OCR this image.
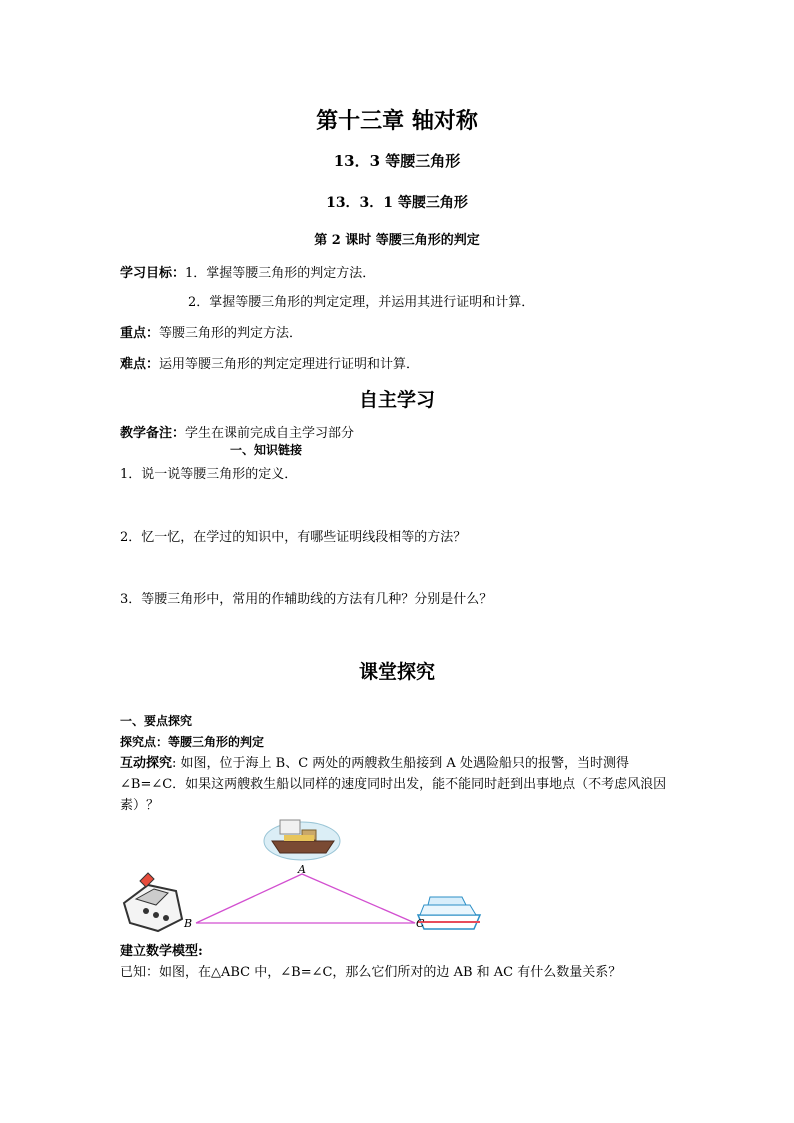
第十三章 轴对称
13．3 等腰三角形
13．3．1 等腰三角形
第 2 课时 等腰三角形的判定
学习目标：1．掌握等腰三角形的判定方法．
2．掌握等腰三角形的判定定理，并运用其进行证明和计算．
重点：等腰三角形的判定方法．
难点：运用等腰三角形的判定定理进行证明和计算．
自主学习
教学备注：学生在课前完成自主学习部分
一、知识链接
1．说一说等腰三角形的定义．
2．忆一忆，在学过的知识中，有哪些证明线段相等的方法？
3．等腰三角形中，常用的作辅助线的方法有几种？分别是什么？
课堂探究
一、要点探究
探究点：等腰三角形的判定
互动探究: 如图，位于海上 B、C 两处的两艘救生船接到 A 处遇险船只的报警，当时测得∠B=∠C．如果这两艘救生船以同样的速度同时出发，能不能同时赶到出事地点（不考虑风浪因素）？
A
B	C
建立数学模型:
已知：如图，在△ABC 中，∠B=∠C，那么它们所对的边 AB 和 AC 有什么数量关系？
